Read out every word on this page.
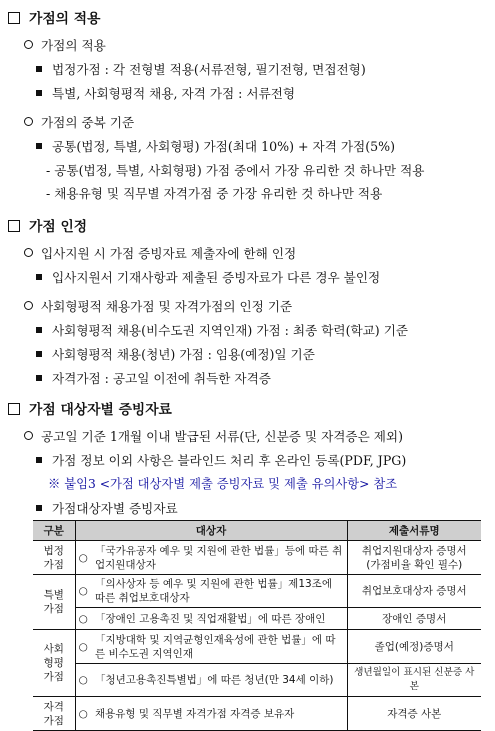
가점의 적용
가점의 적용
법정가점 : 각 전형별 적용(서류전형, 필기전형, 면접전형)
특별, 사회형평적 채용, 자격 가점 : 서류전형
가점의 중복 기준
공통(법정, 특별, 사회형평) 가점(최대 10%) + 자격 가점(5%)
- 공통(법정, 특별, 사회형평) 가점 중에서 가장 유리한 것 하나만 적용
- 채용유형 및 직무별 자격가점 중 가장 유리한 것 하나만 적용
가점 인정
입사지원 시 가점 증빙자료 제출자에 한해 인정
입사지원서 기재사항과 제출된 증빙자료가 다른 경우 불인정
사회형평적 채용가점 및 자격가점의 인정 기준
사회형평적 채용(비수도권 지역인재) 가점 : 최종 학력(학교) 기준
사회형평적 채용(청년) 가점 : 임용(예정)일 기준
자격가점 : 공고일 이전에 취득한 자격증
가점 대상자별 증빙자료
공고일 기준 1개월 이내 발급된 서류(단, 신분증 및 자격증은 제외)
가점 정보 이외 사항은 블라인드 처리 후 온라인 등록(PDF, JPG)
※ 붙임3 <가점 대상자별 제출 증빙자료 및 제출 유의사항> 참조
가점대상자별 증빙자료
구분	대상자		제출서류명
법정
가점	○	「국가유공자 예우 및 지원에 관한 법률」등에 따른 취업지원대상자	취업지원대상자 증명서
(가점비율 확인 필수)
특별
가점	○	「의사상자 등 예우 및 지원에 관한 법률」제13조에 따른 취업보호대상자	취업보호대상자 증명서
	○	「장애인 고용촉진 및 직업재활법」에 따른 장애인	장애인 증명서
사회
형평
가점	○	「지방대학 및 지역균형인재육성에 관한 법률」에 따른 비수도권 지역인재	졸업(예정)증명서
	○	「청년고용촉진특별법」에 따른 청년(만 34세 이하)	생년월일이 표시된 신분증 사본
자격
가점	○	채용유형 및 직무별 자격가점 자격증 보유자	자격증 사본
